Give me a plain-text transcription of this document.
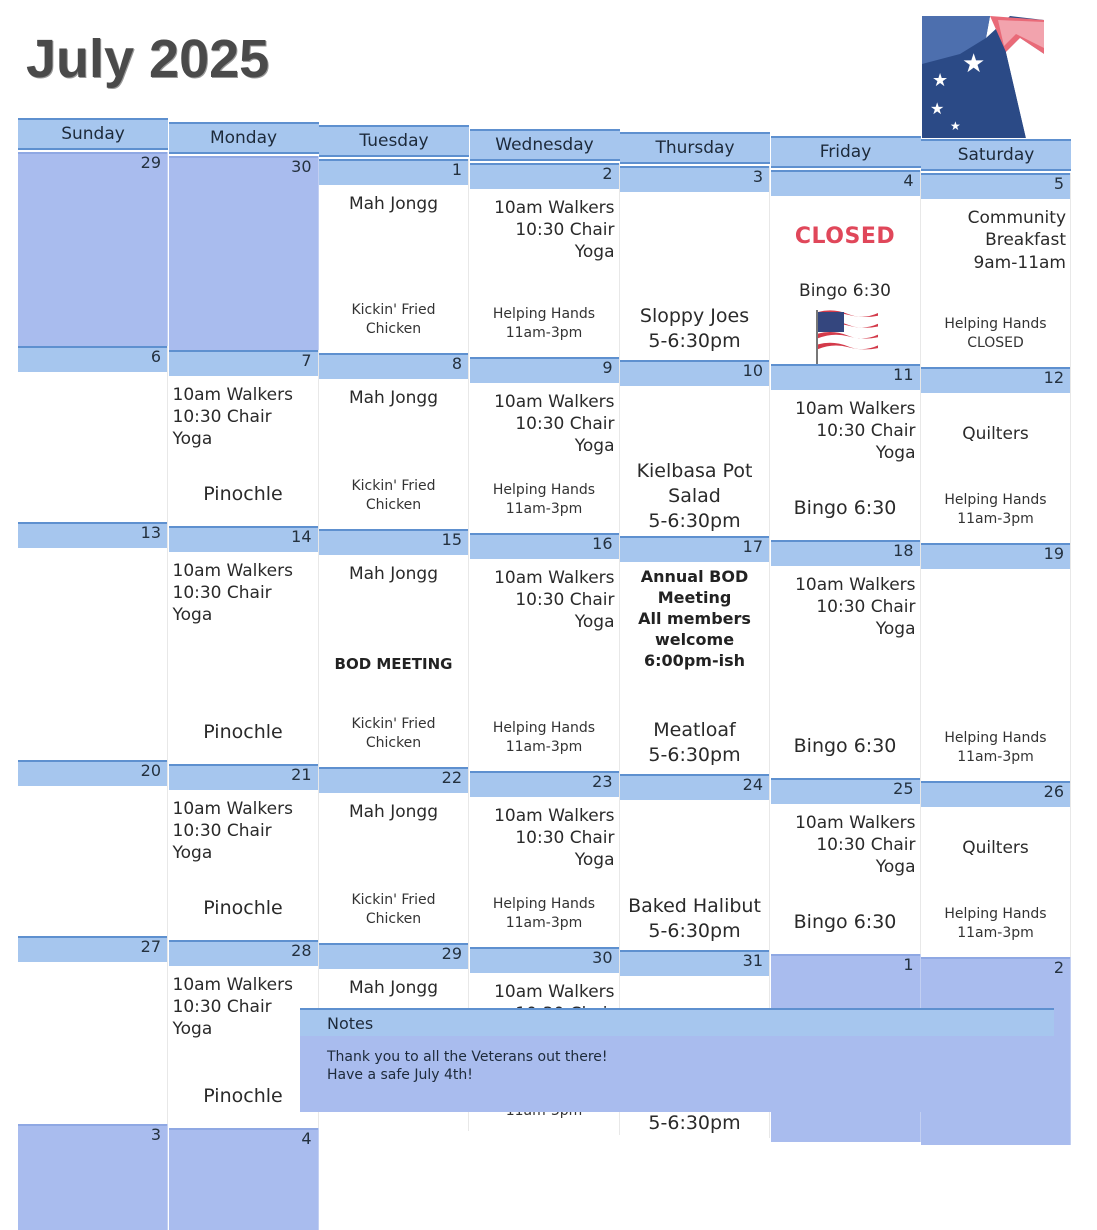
July 2025	★
★
★
★
Sunday
29
6
13
20
27
3
Monday
30
7
10am Walkers
10:30 Chair
Yoga
Pinochle
14
10am Walkers
10:30 Chair
Yoga
Pinochle
21
10am Walkers
10:30 Chair
Yoga
Pinochle
28
10am Walkers
10:30 Chair
Yoga
Pinochle
4
Tuesday
1
Mah Jongg
Kickin' Fried
Chicken
8
Mah Jongg
Kickin' Fried
Chicken
15
Mah Jongg
BOD MEETING
Kickin' Fried
Chicken
22
Mah Jongg
Kickin' Fried
Chicken
29
Mah Jongg
Wednesday
2
10am Walkers
10:30 Chair
Yoga
Helping Hands
11am-3pm
9
10am Walkers
10:30 Chair
Yoga
Helping Hands
11am-3pm
16
10am Walkers
10:30 Chair
Yoga
Helping Hands
11am-3pm
23
10am Walkers
10:30 Chair
Yoga
Helping Hands
11am-3pm
30
10am Walkers

Thursday
3
Sloppy Joes
5-6:30pm
10
Kielbasa Pot
Salad
5-6:30pm
17
Annual BOD
Meeting
All members
welcome
6:00pm-ish
Meatloaf
5-6:30pm
24
Baked Halibut
5-6:30pm
31

5-6:30pm
Friday
4
CLOSED
Bingo 6:30
11
10am Walkers
10:30 Chair
Yoga
Bingo 6:30
18
10am Walkers
10:30 Chair
Yoga
Bingo 6:30
25
10am Walkers
10:30 Chair
Yoga
Bingo 6:30
1
Saturday
5
Community
Breakfast
9am-11am
Helping Hands
CLOSED
12
Quilters
Helping Hands
11am-3pm
19
Helping Hands
11am-3pm
26
Quilters
Helping Hands
11am-3pm
2
Notes
Thank you to all the Veterans out there!
Have a safe July 4th!
